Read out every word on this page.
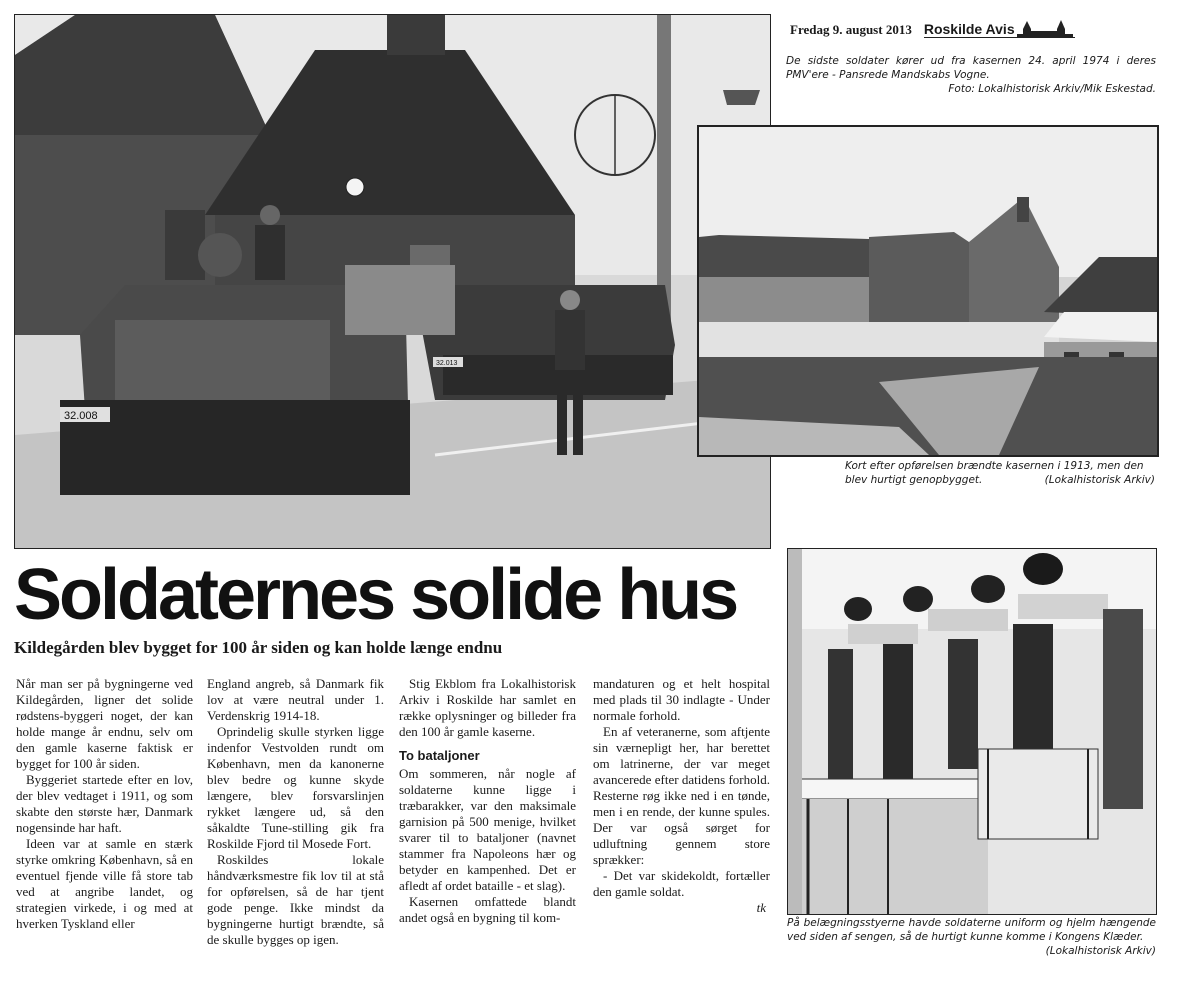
Fredag 9. august 2013 Roskilde Avis
32.013
32.008
De sidste soldater kører ud fra kasernen 24. april 1974 i deres
PMV'ere - Pansrede Mandskabs Vogne.
Foto: Lokalhistorisk Arkiv/Mik Eskestad.
Kort efter opførelsen brændte kasernen i 1913, men den blev hurtigt genopbygget.	(Lokalhistorisk Arkiv)
Soldaternes solide hus
Kildegården blev bygget for 100 år siden og kan holde længe endnu

Når man ser på bygningerne ved Kildegården, ligner det solide rødstens-byggeri noget, der kan holde mange år endnu, selv om den gamle kaserne faktisk er bygget for 100 år siden.

Byggeriet startede efter en lov, der blev vedtaget i 1911, og som skabte den største hær, Danmark nogensinde har haft.

Ideen var at samle en stærk styrke omkring København, så en eventuel fjende ville få store tab ved at angribe landet, og strategien virkede, i og med at hverken Tyskland eller

England angreb, så Danmark fik lov at være neutral under 1. Verdenskrig 1914-18.

Oprindelig skulle styrken ligge indenfor Vestvolden rundt om København, men da kanonerne blev bedre og kunne skyde længere, blev forsvarslinjen rykket længere ud, så den såkaldte Tune-stilling gik fra Roskilde Fjord til Mosede Fort.

Roskildes lokale håndværksmestre fik lov til at stå for opførelsen, så de har tjent gode penge. Ikke mindst da bygningerne hurtigt brændte, så de skulle bygges op igen.

Stig Ekblom fra Lokalhistorisk Arkiv i Roskilde har samlet en række oplysninger og billeder fra den 100 år gamle kaserne.

To bataljoner

Om sommeren, når nogle af soldaterne kunne ligge i træbarakker, var den maksimale garnision på 500 menige, hvilket svarer til to bataljoner (navnet stammer fra Napoleons hær og betyder en kampenhed. Det er afledt af ordet bataille - et slag).

Kasernen omfattede blandt andet også en bygning til kom-

mandaturen og et helt hospital med plads til 30 indlagte - Under normale forhold.

En af veteranerne, som aftjente sin værnepligt her, har berettet om latrinerne, der var meget avancerede efter datidens forhold. Resterne røg ikke ned i en tønde, men i en rende, der kunne spules. Der var også sørget for udluftning gennem store sprækker:

- Det var skidekoldt, fortæller den gamle soldat.

tk
På belægningsstyerne havde soldaterne uniform og hjelm hængende ved siden af sengen, så de hurtigt kunne komme i Kongens Klæder.
(Lokalhistorisk Arkiv)
